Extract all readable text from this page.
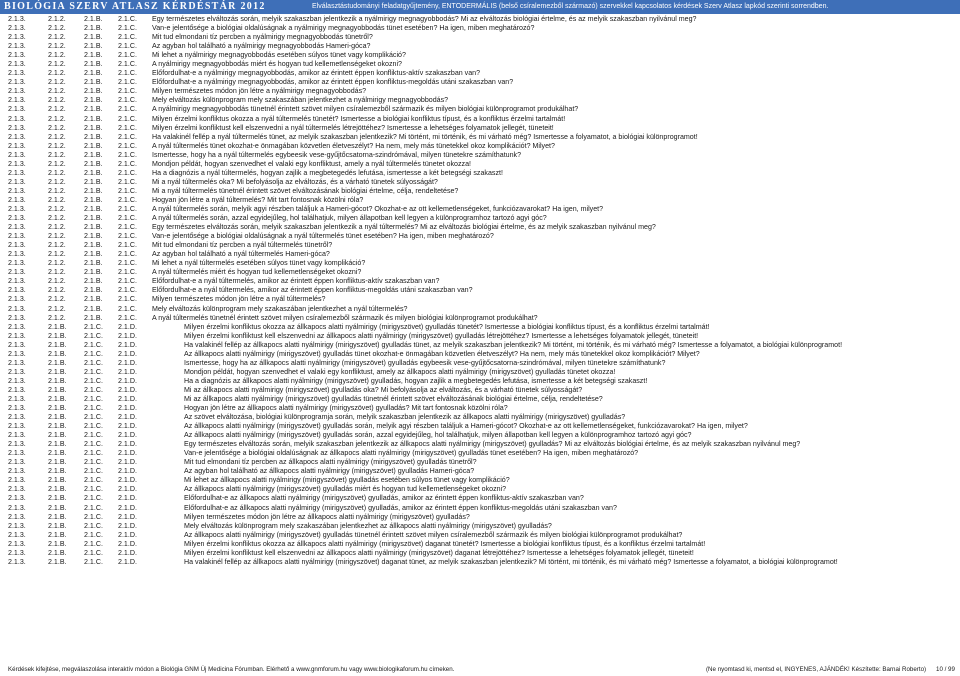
BIOLÓGIA SZERV ATLASZ KÉRDÉSTÁR 2012	Elválasztástudományi feladatgyűjtemény, ENTODERMÁLIS (belső csíralemezből származó) szervekkel kapcsolatos kérdések Szerv Atlasz lapkód szerinti sorrendben.
2.1.3.	2.1.2.	2.1.B. 2.1.C. Egy természetes elváltozás során, melyik szakaszban jelentkezik a nyálmirigy megnagyobbodás? Mi az elváltozás biológiai értelme, és az melyik szakaszban nyilvánul meg?
2.1.3.	2.1.2.	2.1.B. 2.1.C. Van-e jelentősége a biológiai oldalúságnak a nyálmirigy megnagyobbodás tünet esetében? Ha igen, miben meghatározó?
2.1.3.	2.1.2.	2.1.B. 2.1.C. Mit tud elmondani tíz percben a nyálmirigy megnagyobbodás tünetről?
2.1.3.	2.1.2.	2.1.B. 2.1.C. Az agyban hol található a nyálmirigy megnagyobbodás Hameri-góca?
2.1.3.	2.1.2.	2.1.B. 2.1.C. Mi lehet a nyálmirigy megnagyobbodás esetében súlyos tünet vagy komplikáció?
2.1.3.	2.1.2.	2.1.B. 2.1.C. A nyálmirigy megnagyobbodás miért és hogyan tud kellemetlenségeket okozni?
2.1.3.	2.1.2.	2.1.B. 2.1.C. Előfordulhat-e a nyálmirigy megnagyobbodás, amikor az érintett éppen konfliktus-aktív szakaszban van?
2.1.3.	2.1.2.	2.1.B. 2.1.C. Előfordulhat-e a nyálmirigy megnagyobbodás, amikor az érintett éppen konfliktus-megoldás utáni szakaszban van?
2.1.3.	2.1.2.	2.1.B. 2.1.C. Milyen természetes módon jön létre a nyálmirigy megnagyobbodás?
2.1.3.	2.1.2.	2.1.B. 2.1.C. Mely elváltozás különprogram mely szakaszában jelentkezhet a nyálmirigy megnagyobbodás?
2.1.3.	2.1.2.	2.1.B. 2.1.C. A nyálmirigy megnagyobbodás tünetnél érintett szövet milyen csíralemezből származik és milyen biológiai különprogramot produkálhat?
2.1.3.	2.1.2.	2.1.B. 2.1.C. Milyen érzelmi konfliktus okozza a nyál túltermelés tünetét? Ismertesse a biológiai konfliktus típust, és a konfliktus érzelmi tartalmát!
2.1.3.	2.1.2.	2.1.B. 2.1.C. Milyen érzelmi konfliktust kell elszenvedni a nyál túltermelés létrejöttéhez? Ismertesse a lehetséges folyamatok jellegét, tüneteit!
2.1.3.	2.1.2.	2.1.B. 2.1.C. Ha valakinél fellép a nyál túltermelés tünet, az melyik szakaszban jelentkezik? Mi történt, mi történik, és mi várható még? Ismertesse a folyamatot, a biológiai különprogramot!
2.1.3.	2.1.2.	2.1.B. 2.1.C. A nyál túltermelés tünet okozhat-e önmagában közvetlen életveszélyt? Ha nem, mely más tünetekkel okoz komplikációt? Milyet?
2.1.3.	2.1.2.	2.1.B. 2.1.C. Ismertesse, hogy ha a nyál túltermelés egybeesik vese-gyűjtőcsatorna-szindrómával, milyen tünetekre számíthatunk?
2.1.3.	2.1.2.	2.1.B. 2.1.C. Mondjon példát, hogyan szenvedhet el valaki egy konfliktust, amely a nyál túltermelés tünetet okozza!
2.1.3.	2.1.2.	2.1.B. 2.1.C. Ha a diagnózis a nyál túltermelés, hogyan zajlik a megbetegedés lefutása, ismertesse a két betegségi szakaszt!
2.1.3.	2.1.2.	2.1.B. 2.1.C. Mi a nyál túltermelés oka? Mi befolyásolja az elváltozás, és a várható tünetek súlyosságát?
2.1.3.	2.1.2.	2.1.B. 2.1.C. Mi a nyál túltermelés tünetnél érintett szövet elváltozásának biológiai értelme, célja, rendeltetése?
2.1.3.	2.1.2.	2.1.B. 2.1.C. Hogyan jön létre a nyál túltermelés? Mit tart fontosnak közölni róla?
2.1.3.	2.1.2.	2.1.B. 2.1.C. A nyál túltermelés során, melyik agyi részben találjuk a Hameri-gócot? Okozhat-e az ott kellemetlenségeket, funkciózavarokat? Ha igen, milyet?
2.1.3.	2.1.2.	2.1.B. 2.1.C. A nyál túltermelés során, azzal egyidejűleg, hol találhatjuk, milyen állapotban kell legyen a különprogramhoz tartozó agyi góc?
2.1.3.	2.1.2.	2.1.B. 2.1.C. Egy természetes elváltozás során, melyik szakaszban jelentkezik a nyál túltermelés? Mi az elváltozás biológiai értelme, és az melyik szakaszban nyilvánul meg?
2.1.3.	2.1.2.	2.1.B. 2.1.C. Van-e jelentősége a biológiai oldalúságnak a nyál túltermelés tünet esetében? Ha igen, miben meghatározó?
2.1.3.	2.1.2.	2.1.B. 2.1.C. Mit tud elmondani tíz percben a nyál túltermelés tünetről?
2.1.3.	2.1.2.	2.1.B. 2.1.C. Az agyban hol található a nyál túltermelés Hameri-góca?
2.1.3.	2.1.2.	2.1.B. 2.1.C. Mi lehet a nyál túltermelés esetében súlyos tünet vagy komplikáció?
2.1.3.	2.1.2.	2.1.B. 2.1.C. A nyál túltermelés miért és hogyan tud kellemetlenségeket okozni?
2.1.3.	2.1.2.	2.1.B. 2.1.C. Előfordulhat-e a nyál túltermelés, amikor az érintett éppen konfliktus-aktív szakaszban van?
2.1.3.	2.1.2.	2.1.B. 2.1.C. Előfordulhat-e a nyál túltermelés, amikor az érintett éppen konfliktus-megoldás utáni szakaszban van?
2.1.3.	2.1.2.	2.1.B. 2.1.C. Milyen természetes módon jön létre a nyál túltermelés?
2.1.3.	2.1.2.	2.1.B. 2.1.C. Mely elváltozás különprogram mely szakaszában jelentkezhet a nyál túltermelés?
2.1.3.	2.1.2.	2.1.B. 2.1.C. A nyál túltermelés tünetnél érintett szövet milyen csíralemezből származik és milyen biológiai különprogramot produkálhat?
2.1.3.	2.1.B. 2.1.C. 2.1.D.	Milyen érzelmi konfliktus okozza az állkapocs alatti nyálmirigy (mirigyszövet) gyulladás tünetét? Ismertesse a biológiai konfliktus típust, és a konfliktus érzelmi tartalmát!
2.1.3.	2.1.B. 2.1.C. 2.1.D.	Milyen érzelmi konfliktust kell elszenvedni az állkapocs alatti nyálmirigy (mirigyszövet) gyulladás létrejöttéhez? Ismertesse a lehetséges folyamatok jellegét, tüneteit!
2.1.3.	2.1.B. 2.1.C. 2.1.D.	Ha valakinél fellép az állkapocs alatti nyálmirigy (mirigyszövet) gyulladás tünet, az melyik szakaszban jelentkezik? Mi történt, mi történik, és mi várható még? Ismertesse a folyamatot, a biológiai különprogramot!
2.1.3.	2.1.B. 2.1.C. 2.1.D.	Az állkapocs alatti nyálmirigy (mirigyszövet) gyulladás tünet okozhat-e önmagában közvetlen életveszélyt? Ha nem, mely más tünetekkel okoz komplikációt? Milyet?
2.1.3.	2.1.B. 2.1.C. 2.1.D.	Ismertesse, hogy ha az állkapocs alatti nyálmirigy (mirigyszövet) gyulladás egybeesik vese-gyűjtőcsatorna-szindrómával, milyen tünetekre számíthatunk?
2.1.3.	2.1.B. 2.1.C. 2.1.D.	Mondjon példát, hogyan szenvedhet el valaki egy konfliktust, amely az állkapocs alatti nyálmirigy (mirigyszövet) gyulladás tünetet okozza!
2.1.3.	2.1.B. 2.1.C. 2.1.D.	Ha a diagnózis az állkapocs alatti nyálmirigy (mirigyszövet) gyulladás, hogyan zajlik a megbetegedés lefutása, ismertesse a két betegségi szakaszt!
2.1.3.	2.1.B. 2.1.C. 2.1.D.	Mi az állkapocs alatti nyálmirigy (mirigyszövet) gyulladás oka? Mi befolyásolja az elváltozás, és a várható tünetek súlyosságát?
2.1.3.	2.1.B. 2.1.C. 2.1.D.	Mi az állkapocs alatti nyálmirigy (mirigyszövet) gyulladás tünetnél érintett szövet elváltozásának biológiai értelme, célja, rendeltetése?
2.1.3.	2.1.B. 2.1.C. 2.1.D.	Hogyan jön létre az állkapocs alatti nyálmirigy (mirigyszövet) gyulladás? Mit tart fontosnak közölni róla?
2.1.3.	2.1.B. 2.1.C. 2.1.D.	Az szövet elváltozása, biológiai különprogramja során, melyik szakaszban jelentkezik az állkapocs alatti nyálmirigy (mirigyszövet) gyulladás?
2.1.3.	2.1.B. 2.1.C. 2.1.D.	Az állkapocs alatti nyálmirigy (mirigyszövet) gyulladás során, melyik agyi részben találjuk a Hameri-gócot? Okozhat-e az ott kellemetlenségeket, funkciózavarokat? Ha igen, milyet?
2.1.3.	2.1.B. 2.1.C. 2.1.D.	Az állkapocs alatti nyálmirigy (mirigyszövet) gyulladás során, azzal egyidejűleg, hol találhatjuk, milyen állapotban kell legyen a különprogramhoz tartozó agyi góc?
2.1.3.	2.1.B. 2.1.C. 2.1.D.	Egy természetes elváltozás során, melyik szakaszban jelentkezik az állkapocs alatti nyálmirigy (mirigyszövet) gyulladás? Mi az elváltozás biológiai értelme, és az melyik szakaszban nyilvánul meg?
2.1.3.	2.1.B. 2.1.C. 2.1.D.	Van-e jelentősége a biológiai oldalúságnak az állkapocs alatti nyálmirigy (mirigyszövet) gyulladás tünet esetében? Ha igen, miben meghatározó?
2.1.3.	2.1.B. 2.1.C. 2.1.D.	Mit tud elmondani tíz percben az állkapocs alatti nyálmirigy (mirigyszövet) gyulladás tünetről?
2.1.3.	2.1.B. 2.1.C. 2.1.D.	Az agyban hol található az állkapocs alatti nyálmirigy (mirigyszövet) gyulladás Hameri-góca?
2.1.3.	2.1.B. 2.1.C. 2.1.D.	Mi lehet az állkapocs alatti nyálmirigy (mirigyszövet) gyulladás esetében súlyos tünet vagy komplikáció?
2.1.3.	2.1.B. 2.1.C. 2.1.D.	Az állkapocs alatti nyálmirigy (mirigyszövet) gyulladás miért és hogyan tud kellemetlenségeket okozni?
2.1.3.	2.1.B. 2.1.C. 2.1.D.	Előfordulhat-e az állkapocs alatti nyálmirigy (mirigyszövet) gyulladás, amikor az érintett éppen konfliktus-aktív szakaszban van?
2.1.3.	2.1.B. 2.1.C. 2.1.D.	Előfordulhat-e az állkapocs alatti nyálmirigy (mirigyszövet) gyulladás, amikor az érintett éppen konfliktus-megoldás utáni szakaszban van?
2.1.3.	2.1.B. 2.1.C. 2.1.D.	Milyen természetes módon jön létre az állkapocs alatti nyálmirigy (mirigyszövet) gyulladás?
2.1.3.	2.1.B. 2.1.C. 2.1.D.	Mely elváltozás különprogram mely szakaszában jelentkezhet az állkapocs alatti nyálmirigy (mirigyszövet) gyulladás?
2.1.3.	2.1.B. 2.1.C. 2.1.D.	Az állkapocs alatti nyálmirigy (mirigyszövet) gyulladás tünetnél érintett szövet milyen csíralemezből származik és milyen biológiai különprogramot produkálhat?
2.1.3.	2.1.B. 2.1.C. 2.1.D.	Milyen érzelmi konfliktus okozza az állkapocs alatti nyálmirigy (mirigyszövet) daganat tünetét? Ismertesse a biológiai konfliktus típust, és a konfliktus érzelmi tartalmát!
2.1.3.	2.1.B. 2.1.C. 2.1.D.	Milyen érzelmi konfliktust kell elszenvedni az állkapocs alatti nyálmirigy (mirigyszövet) daganat létrejöttéhez? Ismertesse a lehetséges folyamatok jellegét, tüneteit!
2.1.3.	2.1.B. 2.1.C. 2.1.D.	Ha valakinél fellép az állkapocs alatti nyálmirigy (mirigyszövet) daganat tünet, az melyik szakaszban jelentkezik? Mi történt, mi történik, és mi várható még? Ismertesse a folyamatot, a biológiai különprogramot!
Kérdések kifejtése, megválaszolása interaktív módon a Biológia GNM Új Medicina Fórumban. Elérhető a www.gnmforum.hu vagy www.biologikaforum.hu címeken.	(Ne nyomtasd ki, mentsd el, INGYENES, AJÁNDÉK! Készítette: Barnai Roberto) 10 / 99
